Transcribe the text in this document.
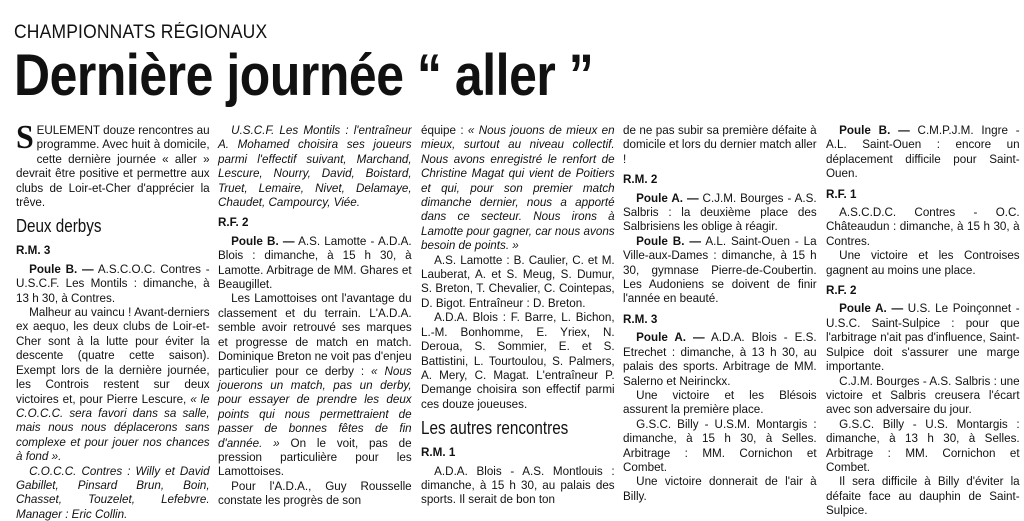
CHAMPIONNATS RÉGIONAUX
Dernière journée “ aller ”

SEULEMENT douze rencontres au programme. Avec huit à domicile, cette dernière journée « aller » devrait être positive et permettre aux clubs de Loir-et-Cher d'apprécier la trêve.

Deux derbys
R.M. 3

Poule B. — A.S.C.O.C. Contres - U.S.C.F. Les Montils : dimanche, à 13 h 30, à Contres.

Malheur au vaincu ! Avant-derniers ex aequo, les deux clubs de Loir-et-Cher sont à la lutte pour éviter la descente (quatre cette saison). Exempt lors de la dernière journée, les Controis restent sur deux victoires et, pour Pierre Lescure, « le C.O.C.C. sera favori dans sa salle, mais nous nous déplacerons sans complexe et pour jouer nos chances à fond ».

C.O.C.C. Contres : Willy et David Gabillet, Pinsard Brun, Boin, Chasset, Touzelet, Lefebvre. Manager : Eric Collin.

U.S.C.F. Les Montils : l'entraîneur A. Mohamed choisira ses joueurs parmi l'effectif suivant, Marchand, Lescure, Nourry, David, Boistard, Truet, Lemaire, Nivet, Delamaye, Chaudet, Campourcy, Viée.

R.F. 2

Poule B. — A.S. Lamotte - A.D.A. Blois : dimanche, à 15 h 30, à Lamotte. Arbitrage de MM. Ghares et Beaugillet.

Les Lamottoises ont l'avantage du classement et du terrain. L'A.D.A. semble avoir retrouvé ses marques et progresse de match en match. Dominique Breton ne voit pas d'enjeu particulier pour ce derby : « Nous jouerons un match, pas un derby, pour essayer de prendre les deux points qui nous permettraient de passer de bonnes fêtes de fin d'année. » On le voit, pas de pression particulière pour les Lamottoises.

Pour l'A.D.A., Guy Rousselle constate les progrès de son

équipe : « Nous jouons de mieux en mieux, surtout au niveau collectif. Nous avons enregistré le renfort de Christine Magat qui vient de Poitiers et qui, pour son premier match dimanche dernier, nous a apporté dans ce secteur. Nous irons à Lamotte pour gagner, car nous avons besoin de points. »

A.S. Lamotte : B. Caulier, C. et M. Lauberat, A. et S. Meug, S. Dumur, S. Breton, T. Chevalier, C. Cointepas, D. Bigot. Entraîneur : D. Breton.

A.D.A. Blois : F. Barre, L. Bichon, L.-M. Bonhomme, E. Yriex, N. Deroua, S. Sommier, E. et S. Battistini, L. Tourtoulou, S. Palmers, A. Mery, C. Magat. L'entraîneur P. Demange choisira son effectif parmi ces douze joueuses.

Les autres rencontres
R.M. 1

A.D.A. Blois - A.S. Montlouis : dimanche, à 15 h 30, au palais des sports. Il serait de bon ton

de ne pas subir sa première défaite à domicile et lors du dernier match aller !

R.M. 2

Poule A. — C.J.M. Bourges - A.S. Salbris : la deuxième place des Salbrisiens les oblige à réagir.

Poule B. — A.L. Saint-Ouen - La Ville-aux-Dames : dimanche, à 15 h 30, gymnase Pierre-de-Coubertin. Les Audoniens se doivent de finir l'année en beauté.

R.M. 3

Poule A. — A.D.A. Blois - E.S. Etrechet : dimanche, à 13 h 30, au palais des sports. Arbitrage de MM. Salerno et Neirinckx.

Une victoire et les Blésois assurent la première place.

G.S.C. Billy - U.S.M. Montargis : dimanche, à 15 h 30, à Selles. Arbitrage : MM. Cornichon et Combet.

Une victoire donnerait de l'air à Billy.

Poule B. — C.M.P.J.M. Ingre - A.L. Saint-Ouen : encore un déplacement difficile pour Saint-Ouen.

R.F. 1

A.S.C.D.C. Contres - O.C. Châteaudun : dimanche, à 15 h 30, à Contres.

Une victoire et les Controises gagnent au moins une place.

R.F. 2

Poule A. — U.S. Le Poinçonnet - U.S.C. Saint-Sulpice : pour que l'arbitrage n'ait pas d'influence, Saint-Sulpice doit s'assurer une marge importante.

C.J.M. Bourges - A.S. Salbris : une victoire et Salbris creusera l'écart avec son adversaire du jour.

G.S.C. Billy - U.S. Montargis : dimanche, à 13 h 30, à Selles. Arbitrage : MM. Cornichon et Combet.

Il sera difficile à Billy d'éviter la défaite face au dauphin de Saint-Sulpice.
